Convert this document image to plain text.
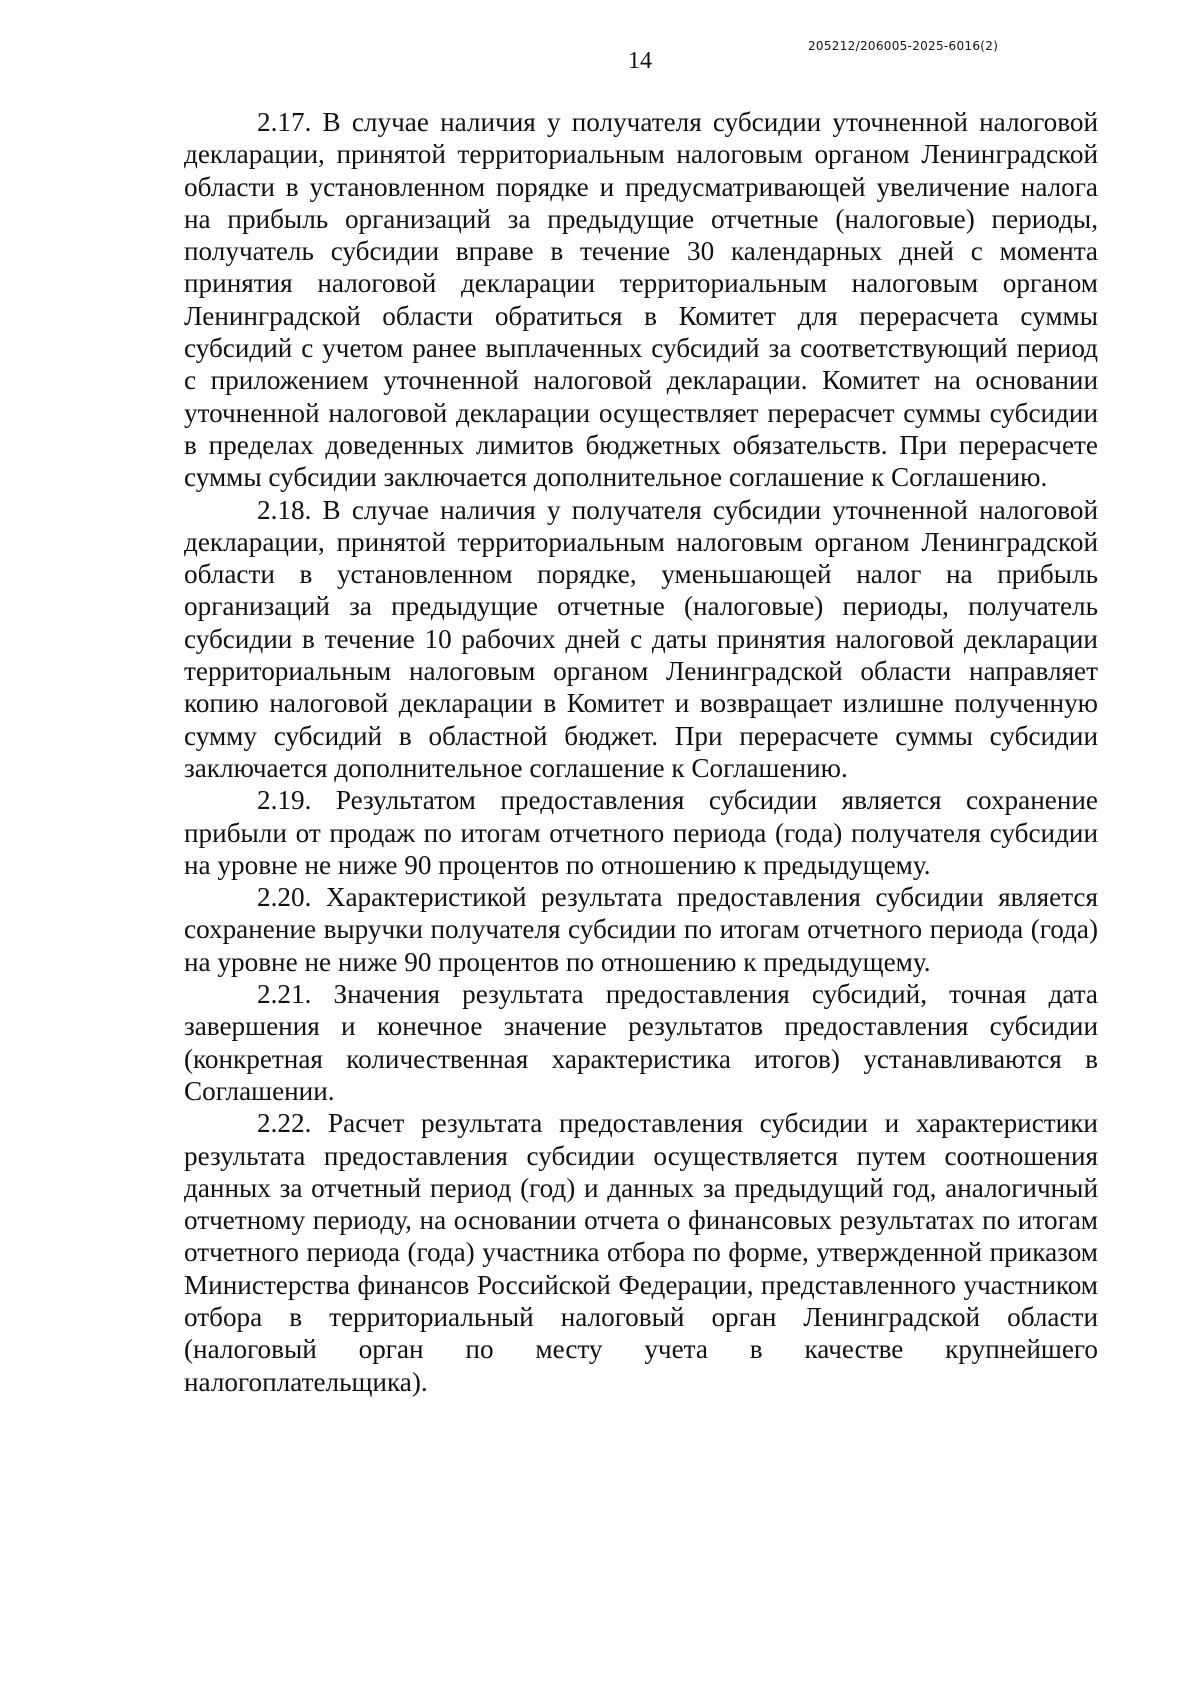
14
205212/206005-2025-6016(2)

2.17. В случае наличия у получателя субсидии уточненной налоговой декларации, принятой территориальным налоговым органом Ленинградской области в установленном порядке и предусматривающей увеличение налога на прибыль организаций за предыдущие отчетные (налоговые) периоды, получатель субсидии вправе в течение 30 календарных дней с момента принятия налоговой декларации территориальным налоговым органом Ленинградской области обратиться в Комитет для перерасчета суммы субсидий с учетом ранее выплаченных субсидий за соответствующий период с приложением уточненной налоговой декларации. Комитет на основании уточненной налоговой декларации осуществляет перерасчет суммы субсидии в пределах доведенных лимитов бюджетных обязательств. При перерасчете суммы субсидии заключается дополнительное соглашение к Соглашению.

2.18. В случае наличия у получателя субсидии уточненной налоговой декларации, принятой территориальным налоговым органом Ленинградской области в установленном порядке, уменьшающей налог на прибыль организаций за предыдущие отчетные (налоговые) периоды, получатель субсидии в течение 10 рабочих дней с даты принятия налоговой декларации территориальным налоговым органом Ленинградской области направляет копию налоговой декларации в Комитет и возвращает излишне полученную сумму субсидий в областной бюджет. При перерасчете суммы субсидии заключается дополнительное соглашение к Соглашению.

2.19. Результатом предоставления субсидии является сохранение прибыли от продаж по итогам отчетного периода (года) получателя субсидии на уровне не ниже 90 процентов по отношению к предыдущему.

2.20. Характеристикой результата предоставления субсидии является сохранение выручки получателя субсидии по итогам отчетного периода (года) на уровне не ниже 90 процентов по отношению к предыдущему.

2.21. Значения результата предоставления субсидий, точная дата завершения и конечное значение результатов предоставления субсидии (конкретная количественная характеристика итогов) устанавливаются в Соглашении.

2.22. Расчет результата предоставления субсидии и характеристики результата предоставления субсидии осуществляется путем соотношения данных за отчетный период (год) и данных за предыдущий год, аналогичный отчетному периоду, на основании отчета о финансовых результатах по итогам отчетного периода (года) участника отбора по форме, утвержденной приказом Министерства финансов Российской Федерации, представленного участником отбора в территориальный налоговый орган Ленинградской области (налоговый орган по месту учета в качестве крупнейшего налогоплательщика).
